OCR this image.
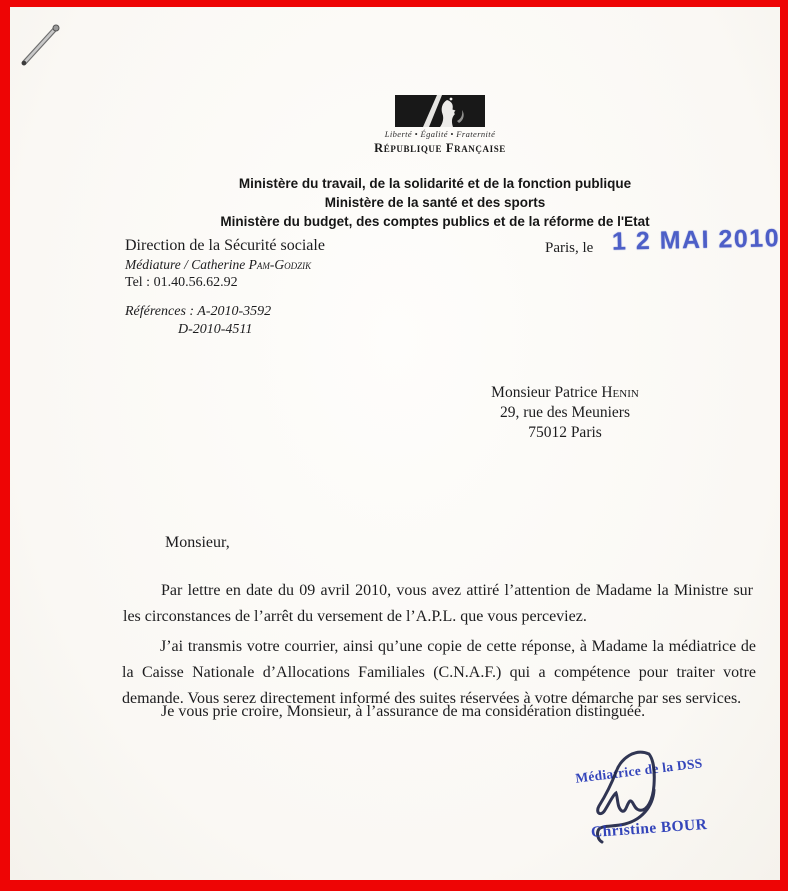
Liberté • Égalité • Fraternité
République Française
Ministère du travail, de la solidarité et de la fonction publique
Ministère de la santé et des sports
Ministère du budget, des comptes publics et de la réforme de l'Etat
Direction de la Sécurité sociale
Médiature / Catherine Pam-Godzik
Tel : 01.40.56.62.92
Paris, le 1 2 MAI 2010
Références : A-2010-3592
D-2010-4511
Monsieur Patrice Henin
29, rue des Meuniers
75012 Paris
Monsieur,

Par lettre en date du 09 avril 2010, vous avez attiré l’attention de Madame la Ministre sur les circonstances de l’arrêt du versement de l’A.P.L. que vous perceviez.

J’ai transmis votre courrier, ainsi qu’une copie de cette réponse, à Madame la médiatrice de la Caisse Nationale d’Allocations Familiales (C.N.A.F.) qui a compétence pour traiter votre demande. Vous serez directement informé des suites réservées à votre démarche par ses services.

Je vous prie croire, Monsieur, à l’assurance de ma considération distinguée.

Médiatrice de la DSS
Christine BOUR
